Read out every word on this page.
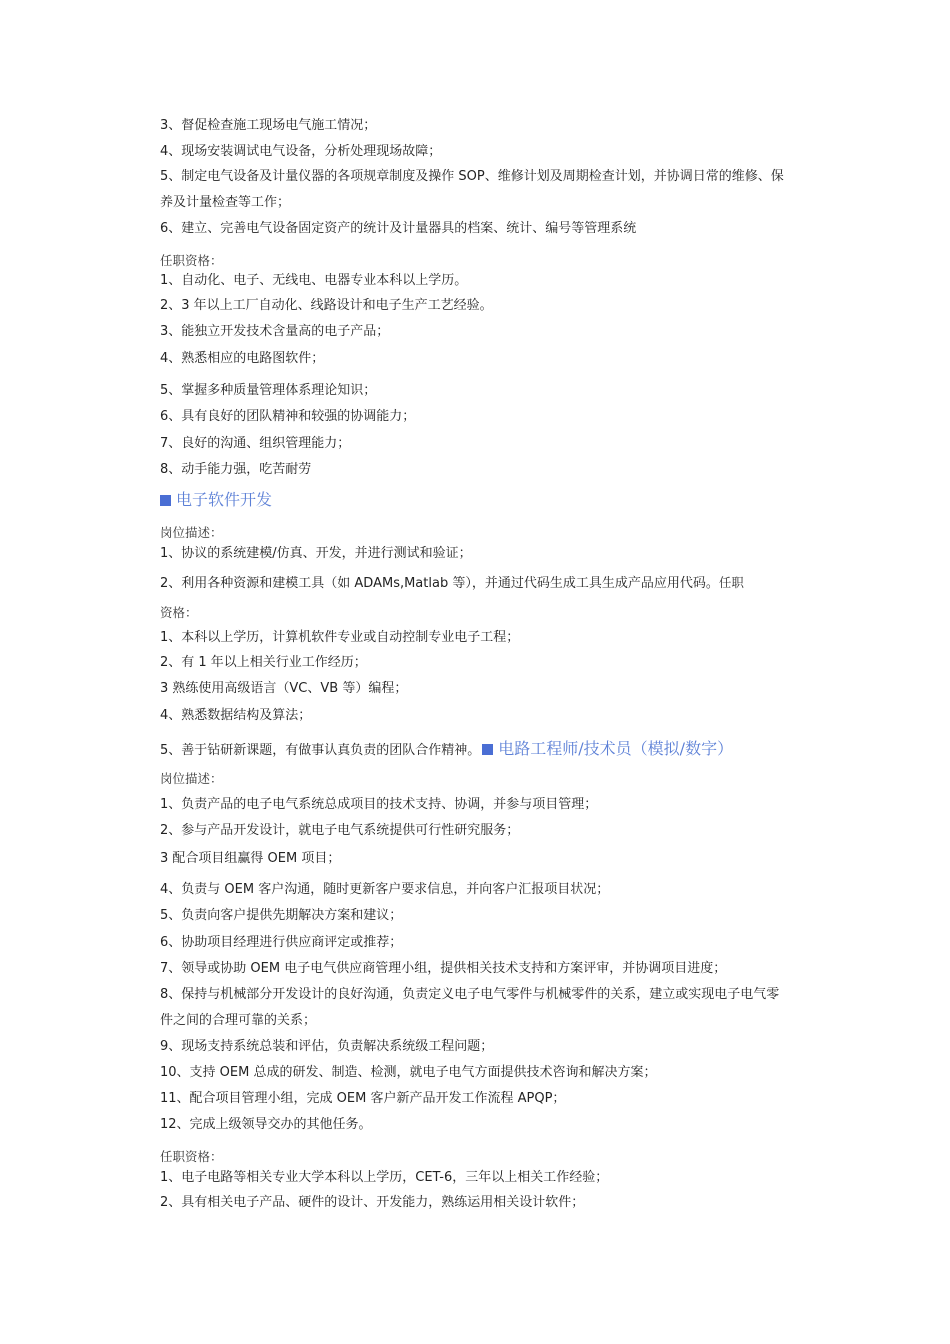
3、督促检查施工现场电气施工情况；
4、现场安装调试电气设备，分析处理现场故障；
5、制定电气设备及计量仪器的各项规章制度及操作 SOP、维修计划及周期检查计划，并协调日常的维修、保养及计量检查等工作；
6、建立、完善电气设备固定资产的统计及计量器具的档案、统计、编号等管理系统
任职资格：
1、自动化、电子、无线电、电器专业本科以上学历。
2、3 年以上工厂自动化、线路设计和电子生产工艺经验。
3、能独立开发技术含量高的电子产品；
4、熟悉相应的电路图软件；
5、掌握多种质量管理体系理论知识；
6、具有良好的团队精神和较强的协调能力；
7、良好的沟通、组织管理能力；
8、动手能力强，吃苦耐劳
电子软件开发
岗位描述：
1、协议的系统建模/仿真、开发，并进行测试和验证；
2、利用各种资源和建模工具（如 ADAMs,Matlab 等），并通过代码生成工具生成产品应用代码。任职
资格：
1、本科以上学历，计算机软件专业或自动控制专业电子工程；
2、有 1 年以上相关行业工作经历；
3 熟练使用高级语言（VC、VB 等）编程；
4、熟悉数据结构及算法；
5、善于钻研新课题，有做事认真负责的团队合作精神。 电路工程师/技术员（模拟/数字）
岗位描述：
1、负责产品的电子电气系统总成项目的技术支持、协调，并参与项目管理；
2、参与产品开发设计，就电子电气系统提供可行性研究服务；
3 配合项目组赢得 OEM 项目；
4、负责与 OEM 客户沟通，随时更新客户要求信息，并向客户汇报项目状况；
5、负责向客户提供先期解决方案和建议；
6、协助项目经理进行供应商评定或推荐；
7、领导或协助 OEM 电子电气供应商管理小组，提供相关技术支持和方案评审，并协调项目进度；
8、保持与机械部分开发设计的良好沟通，负责定义电子电气零件与机械零件的关系，建立或实现电子电气零件之间的合理可靠的关系；
9、现场支持系统总装和评估，负责解决系统级工程问题；
10、支持 OEM 总成的研发、制造、检测，就电子电气方面提供技术咨询和解决方案；
11、配合项目管理小组，完成 OEM 客户新产品开发工作流程 APQP；
12、完成上级领导交办的其他任务。
任职资格：
1、电子电路等相关专业大学本科以上学历，CET-6，三年以上相关工作经验；
2、具有相关电子产品、硬件的设计、开发能力，熟练运用相关设计软件；
